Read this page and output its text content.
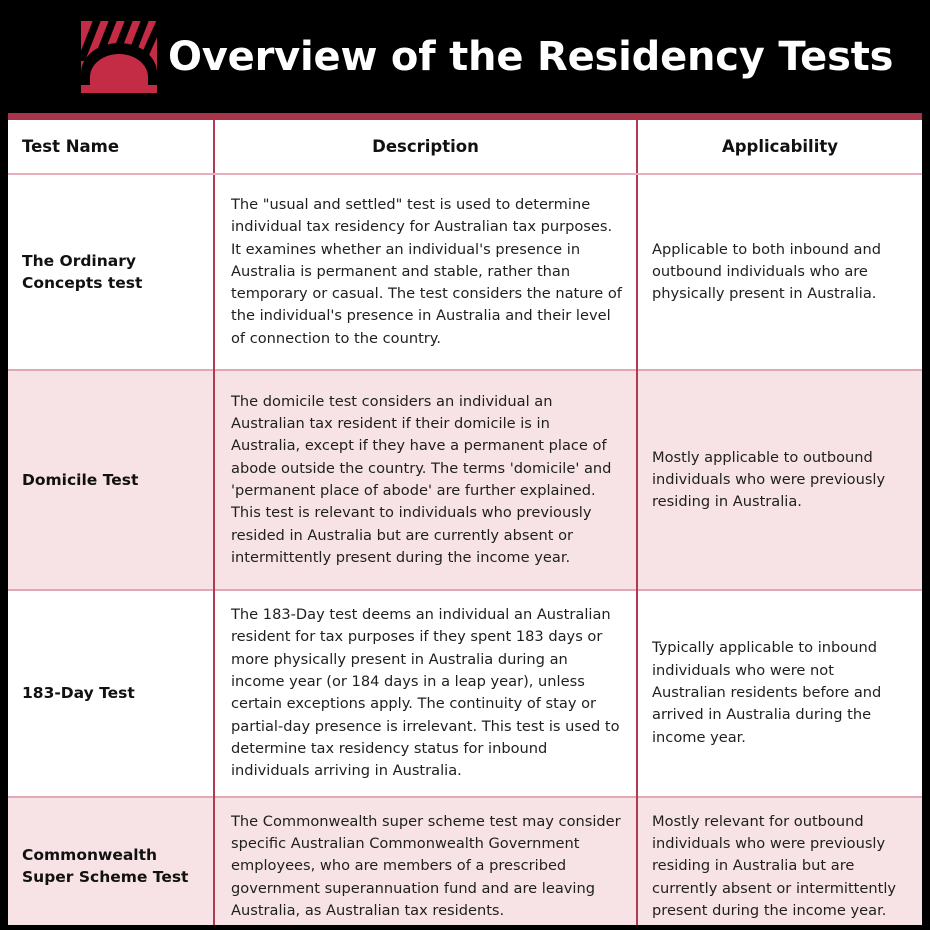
Overview of the Residency Tests
Test Name	Description	Applicability
The Ordinary Concepts test	The "usual and settled" test is used to determine individual tax residency for Australian tax purposes. It examines whether an individual's presence in Australia is permanent and stable, rather than temporary or casual. The test considers the nature of the individual's presence in Australia and their level of connection to the country.	Applicable to both inbound and outbound individuals who are physically present in Australia.
Domicile Test	The domicile test considers an individual an Australian tax resident if their domicile is in Australia, except if they have a permanent place of abode outside the country. The terms 'domicile' and 'permanent place of abode' are further explained. This test is relevant to individuals who previously resided in Australia but are currently absent or intermittently present during the income year.	Mostly applicable to outbound individuals who were previously residing in Australia.
183-Day Test	The 183-Day test deems an individual an Australian resident for tax purposes if they spent 183 days or more physically present in Australia during an income year (or 184 days in a leap year), unless certain exceptions apply. The continuity of stay or partial-day presence is irrelevant. This test is used to determine tax residency status for inbound individuals arriving in Australia.	Typically applicable to inbound individuals who were not Australian residents before and arrived in Australia during the income year.
Commonwealth Super Scheme Test	The Commonwealth super scheme test may consider specific Australian Commonwealth Government employees, who are members of a prescribed government superannuation fund and are leaving Australia, as Australian tax residents.	Mostly relevant for outbound individuals who were previously residing in Australia but are currently absent or intermittently present during the income year.
